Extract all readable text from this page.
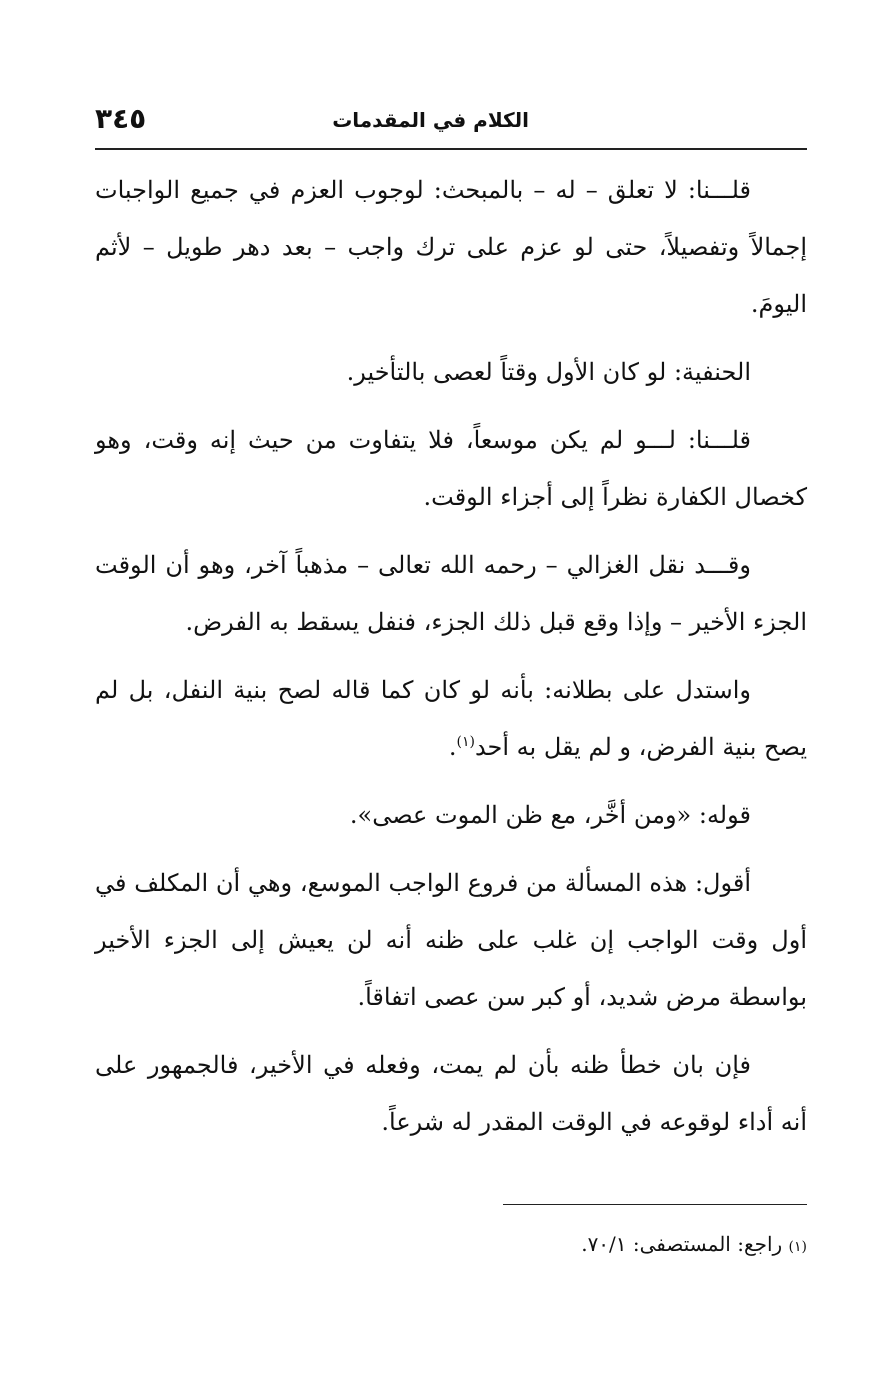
الكلام في المقدمات
٣٤٥

قلـــنا: لا تعلق – له – بالمبحث: لوجوب العزم في جميع الواجبات إجمالاً وتفصيلاً، حتى لو عزم على ترك واجب – بعد دهر طويل – لأثم اليومَ.

الحنفية: لو كان الأول وقتاً لعصى بالتأخير.

قلـــنا: لـــو لم يكن موسعاً، فلا يتفاوت من حيث إنه وقت، وهو كخصال الكفارة نظراً إلى أجزاء الوقت.

وقـــد نقل الغزالي – رحمه الله تعالى – مذهباً آخر، وهو أن الوقت الجزء الأخير – وإذا وقع قبل ذلك الجزء، فنفل يسقط به الفرض.

واستدل على بطلانه: بأنه لو كان كما قاله لصح بنية النفل، بل لم يصح بنية الفرض، و لم يقل به أحد$^{(١)}$.

قوله: «ومن أخَّر، مع ظن الموت عصى».

أقول: هذه المسألة من فروع الواجب الموسع، وهي أن المكلف في أول وقت الواجب إن غلب على ظنه أنه لن يعيش إلى الجزء الأخير بواسطة مرض شديد، أو كبر سن عصى اتفاقاً.

فإن بان خطأ ظنه بأن لم يمت، وفعله في الأخير، فالجمهور على أنه أداء لوقوعه في الوقت المقدر له شرعاً.

(١) راجع: المستصفى: ٧٠/١.
